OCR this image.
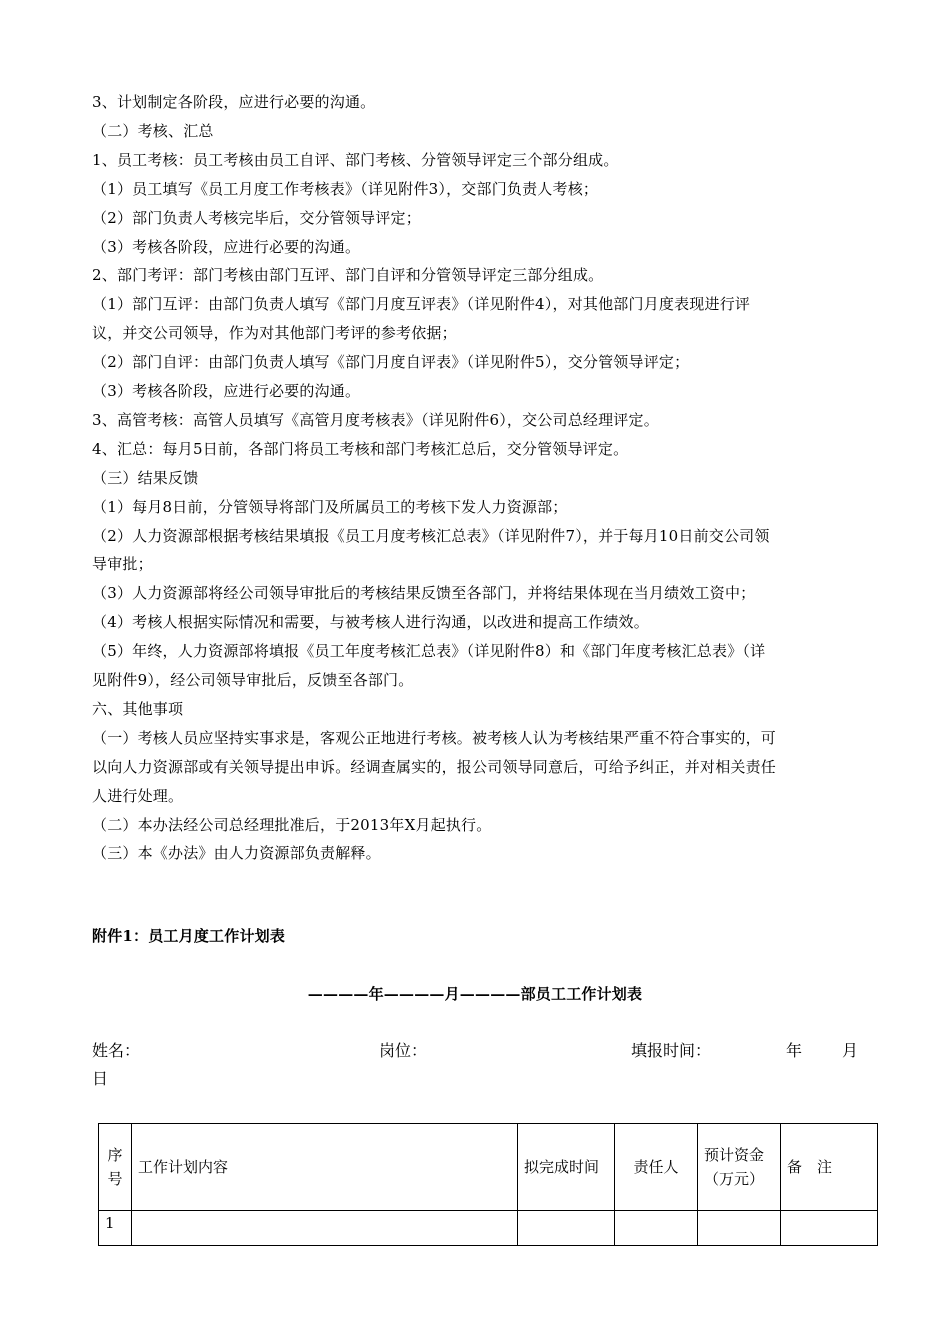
3、计划制定各阶段，应进行必要的沟通。
（二）考核、汇总
1、员工考核：员工考核由员工自评、部门考核、分管领导评定三个部分组成。
（1）员工填写《员工月度工作考核表》（详见附件3），交部门负责人考核；
（2）部门负责人考核完毕后，交分管领导评定；
（3）考核各阶段，应进行必要的沟通。
2、部门考评：部门考核由部门互评、部门自评和分管领导评定三部分组成。
（1）部门互评：由部门负责人填写《部门月度互评表》（详见附件4），对其他部门月度表现进行评
议，并交公司领导，作为对其他部门考评的参考依据；
（2）部门自评：由部门负责人填写《部门月度自评表》（详见附件5），交分管领导评定；
（3）考核各阶段，应进行必要的沟通。
3、高管考核：高管人员填写《高管月度考核表》（详见附件6），交公司总经理评定。
4、汇总：每月5日前，各部门将员工考核和部门考核汇总后，交分管领导评定。
（三）结果反馈
（1）每月8日前，分管领导将部门及所属员工的考核下发人力资源部；
（2）人力资源部根据考核结果填报《员工月度考核汇总表》（详见附件7），并于每月10日前交公司领
导审批；
（3）人力资源部将经公司领导审批后的考核结果反馈至各部门，并将结果体现在当月绩效工资中；
（4）考核人根据实际情况和需要，与被考核人进行沟通，以改进和提高工作绩效。
（5）年终，人力资源部将填报《员工年度考核汇总表》（详见附件8）和《部门年度考核汇总表》（详
见附件9），经公司领导审批后，反馈至各部门。
六、其他事项
（一）考核人员应坚持实事求是，客观公正地进行考核。被考核人认为考核结果严重不符合事实的，可
以向人力资源部或有关领导提出申诉。经调查属实的，报公司领导同意后，可给予纠正，并对相关责任
人进行处理。
（二）本办法经公司总经理批准后，于2013年X月起执行。
（三）本《办法》由人力资源部负责解释。
附件1：员工月度工作计划表
————年————月————部员工工作计划表
姓名：	岗位：	填报时间：	年 月
日
序号	工作计划内容	拟完成时间	责任人	预计资金（万元）	备　注
1					
